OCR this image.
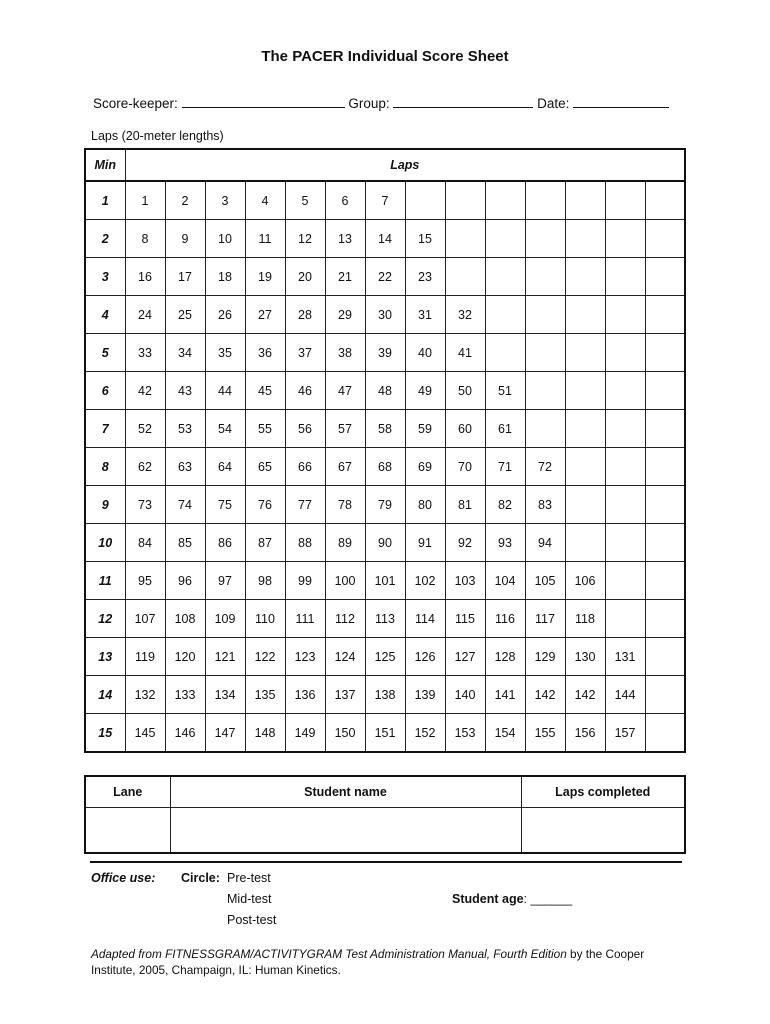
The PACER Individual Score Sheet
Score-keeper:	Group:	Date:
Laps (20-meter lengths)
Min	Laps													
1	1	2	3	4	5	6	7							
2	8	9	10	11	12	13	14	15						
3	16	17	18	19	20	21	22	23						
4	24	25	26	27	28	29	30	31	32					
5	33	34	35	36	37	38	39	40	41					
6	42	43	44	45	46	47	48	49	50	51				
7	52	53	54	55	56	57	58	59	60	61				
8	62	63	64	65	66	67	68	69	70	71	72			
9	73	74	75	76	77	78	79	80	81	82	83			
10	84	85	86	87	88	89	90	91	92	93	94			
11	95	96	97	98	99	100	101	102	103	104	105	106		
12	107	108	109	110	111	112	113	114	115	116	117	118		
13	119	120	121	122	123	124	125	126	127	128	129	130	131	
14	132	133	134	135	136	137	138	139	140	141	142	142	144	
15	145	146	147	148	149	150	151	152	153	154	155	156	157	
Lane	Student name	Laps completed

Office use: Circle: Pre-test
Mid-test
Post-test
Student age: ______
Adapted from FITNESSGRAM/ACTIVITYGRAM Test Administration Manual, Fourth Edition by the Cooper Institute, 2005, Champaign, IL: Human Kinetics.
